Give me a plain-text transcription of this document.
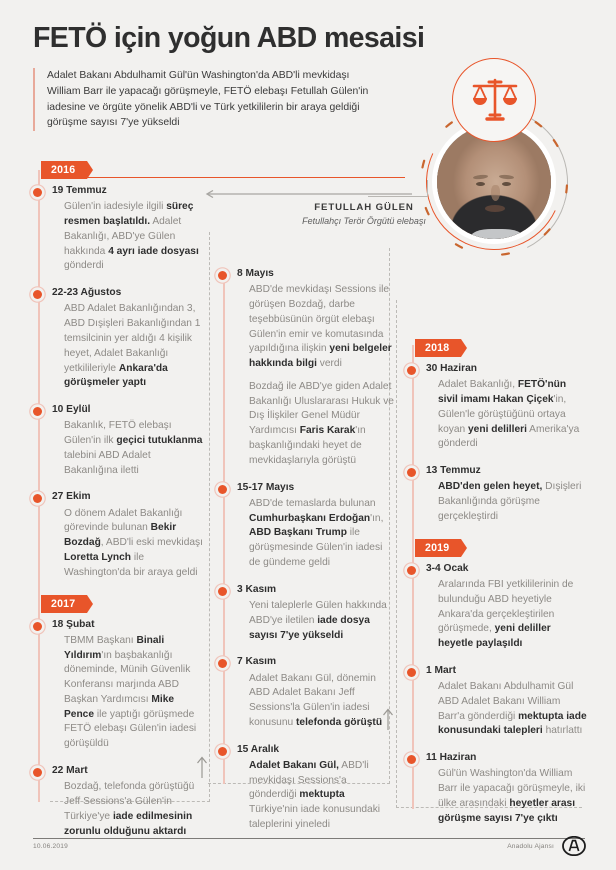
FETÖ için yoğun ABD mesaisi
Adalet Bakanı Abdulhamit Gül'ün Washington'da ABD'li mevkidaşı William Barr ile yapacağı görüşmeyle, FETÖ elebaşı Fetullah Gülen'in iadesine ve örgüte yönelik ABD'li ve Türk yetkililerin bir araya geldiği görüşme sayısı 7'ye yükseldi
FETULLAH GÜLEN
Fetullahçı Terör Örgütü elebaşı
2016
19 Temmuz
Gülen'in iadesiyle ilgili süreç resmen başlatıldı. Adalet Bakanlığı, ABD'ye Gülen hakkında 4 ayrı iade dosyası gönderdi
22-23 Ağustos
ABD Adalet Bakanlığından 3, ABD Dışişleri Bakanlığından 1 temsilcinin yer aldığı 4 kişilik heyet, Adalet Bakanlığı yetkilileriyle Ankara'da görüşmeler yaptı
10 Eylül
Bakanlık, FETÖ elebaşı Gülen'in ilk geçici tutuklanma talebini ABD Adalet Bakanlığına iletti
27 Ekim
O dönem Adalet Bakanlığı görevinde bulunan Bekir Bozdağ, ABD'li eski mevkidaşı Loretta Lynch ile Washington'da bir araya geldi
2017
18 Şubat
TBMM Başkanı Binali Yıldırım'ın başbakanlığı döneminde, Münih Güvenlik Konferansı marjında ABD Başkan Yardımcısı Mike Pence ile yaptığı görüşmede FETÖ elebaşı Gülen'in iadesi görüşüldü
22 Mart
Bozdağ, telefonda görüştüğü Jeff Sessions'a Gülen'in Türkiye'ye iade edilmesinin zorunlu olduğunu aktardı
8 Mayıs

ABD'de mevkidaşı Sessions ile görüşen Bozdağ, darbe teşebbüsünün örgüt elebaşı Gülen'in emir ve komutasında yapıldığına ilişkin yeni belgeler hakkında bilgi verdi

Bozdağ ile ABD'ye giden Adalet Bakanlığı Uluslararası Hukuk ve Dış İlişkiler Genel Müdür Yardımcısı Faris Karak'ın başkanlığındaki heyet de mevkidaşlarıyla görüştü

15-17 Mayıs
ABD'de temaslarda bulunan Cumhurbaşkanı Erdoğan'ın, ABD Başkanı Trump ile görüşmesinde Gülen'in iadesi de gündeme geldi
3 Kasım
Yeni taleplerle Gülen hakkında ABD'ye iletilen iade dosya sayısı 7'ye yükseldi
7 Kasım
Adalet Bakanı Gül, dönemin ABD Adalet Bakanı Jeff Sessions'la Gülen'in iadesi konusunu telefonda görüştü
15 Aralık
Adalet Bakanı Gül, ABD'li mevkidaşı Sessions'a gönderdiği mektupta Türkiye'nin iade konusundaki taleplerini yineledi
2018
30 Haziran
Adalet Bakanlığı, FETÖ'nün sivil imamı Hakan Çiçek'in, Gülen'le görüştüğünü ortaya koyan yeni delilleri Amerika'ya gönderdi
13 Temmuz
ABD'den gelen heyet, Dışişleri Bakanlığında görüşme gerçekleştirdi
2019
3-4 Ocak
Aralarında FBI yetkililerinin de bulunduğu ABD heyetiyle Ankara'da gerçekleştirilen görüşmede, yeni deliller heyetle paylaşıldı
1 Mart
Adalet Bakanı Abdulhamit Gül ABD Adalet Bakanı William Barr'a gönderdiği mektupta iade konusundaki talepleri hatırlattı
11 Haziran
Gül'ün Washington'da William Barr ile yapacağı görüşmeyle, iki ülke arasındaki heyetler arası görüşme sayısı 7'ye çıktı
10.06.2019	Anadolu Ajansı
